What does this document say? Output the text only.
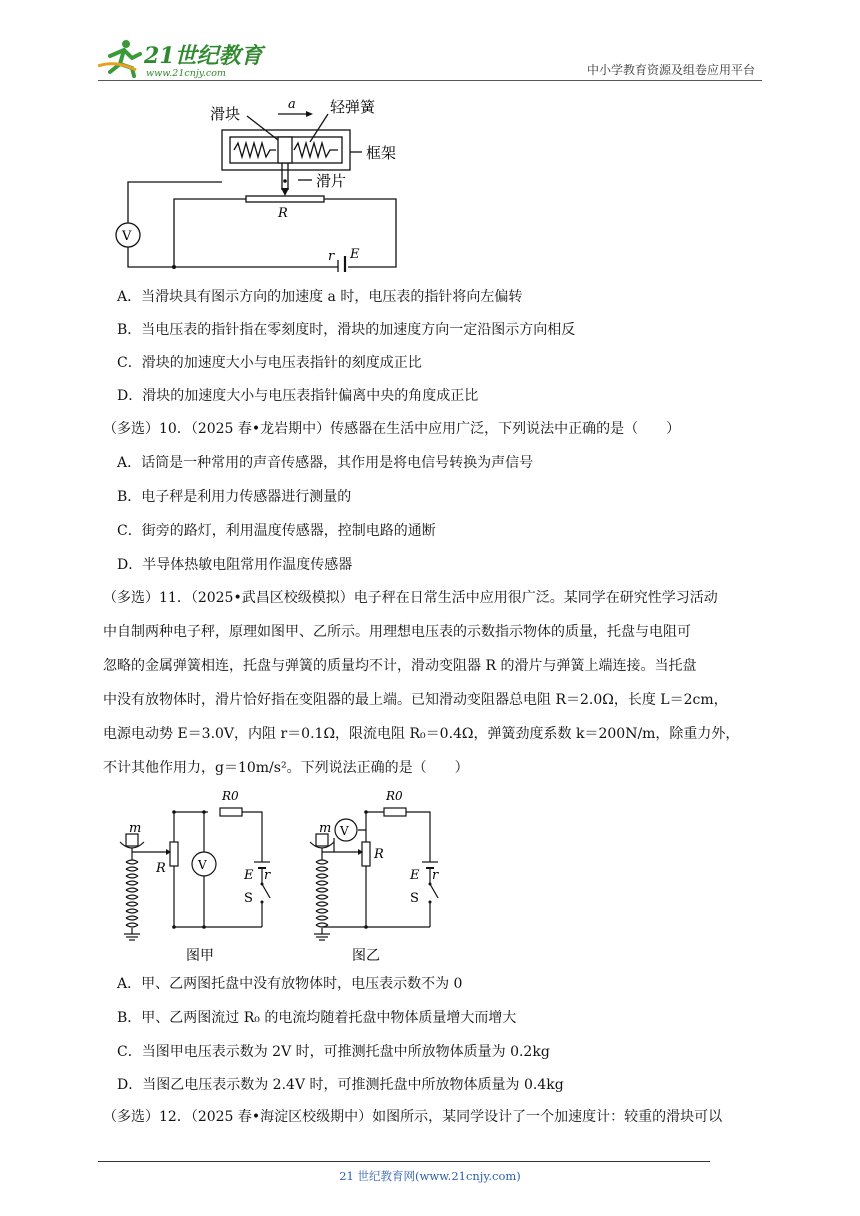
21世纪教育
www.21cnjy.com	中小学教育资源及组卷应用平台
V
滑块
a 轻弹簧
框架
滑片
R
r E
A．当滑块具有图示方向的加速度 a 时，电压表的指针将向左偏转
B．当电压表的指针指在零刻度时，滑块的加速度方向一定沿图示方向相反
C．滑块的加速度大小与电压表指针的刻度成正比
D．滑块的加速度大小与电压表指针偏离中央的角度成正比
（多选）10．（2025 春•龙岩期中）传感器在生活中应用广泛，下列说法中正确的是（　　）
A．话筒是一种常用的声音传感器，其作用是将电信号转换为声信号
B．电子秤是利用力传感器进行测量的
C．街旁的路灯，利用温度传感器，控制电路的通断
D．半导体热敏电阻常用作温度传感器
（多选）11．（2025•武昌区校级模拟）电子秤在日常生活中应用很广泛。某同学在研究性学习活动
中自制两种电子秤，原理如图甲、乙所示。用理想电压表的示数指示物体的质量，托盘与电阻可
忽略的金属弹簧相连，托盘与弹簧的质量均不计，滑动变阻器 R 的滑片与弹簧上端连接。当托盘
中没有放物体时，滑片恰好指在变阻器的最上端。已知滑动变阻器总电阻 R＝2.0Ω，长度 L＝2cm，
电源电动势 E＝3.0V，内阻 r＝0.1Ω，限流电阻 R₀＝0.4Ω，弹簧劲度系数 k＝200N/m，除重力外，
不计其他作用力，g＝10m/s²。下列说法正确的是（　　）
m
R	V
R0
E r
S
图甲
m V
R
R0
E r
S
图乙
A．甲、乙两图托盘中没有放物体时，电压表示数不为 0
B．甲、乙两图流过 R₀ 的电流均随着托盘中物体质量增大而增大
C．当图甲电压表示数为 2V 时，可推测托盘中所放物体质量为 0.2kg
D．当图乙电压表示数为 2.4V 时，可推测托盘中所放物体质量为 0.4kg
（多选）12．（2025 春•海淀区校级期中）如图所示，某同学设计了一个加速度计：较重的滑块可以
21 世纪教育网(www.21cnjy.com)
